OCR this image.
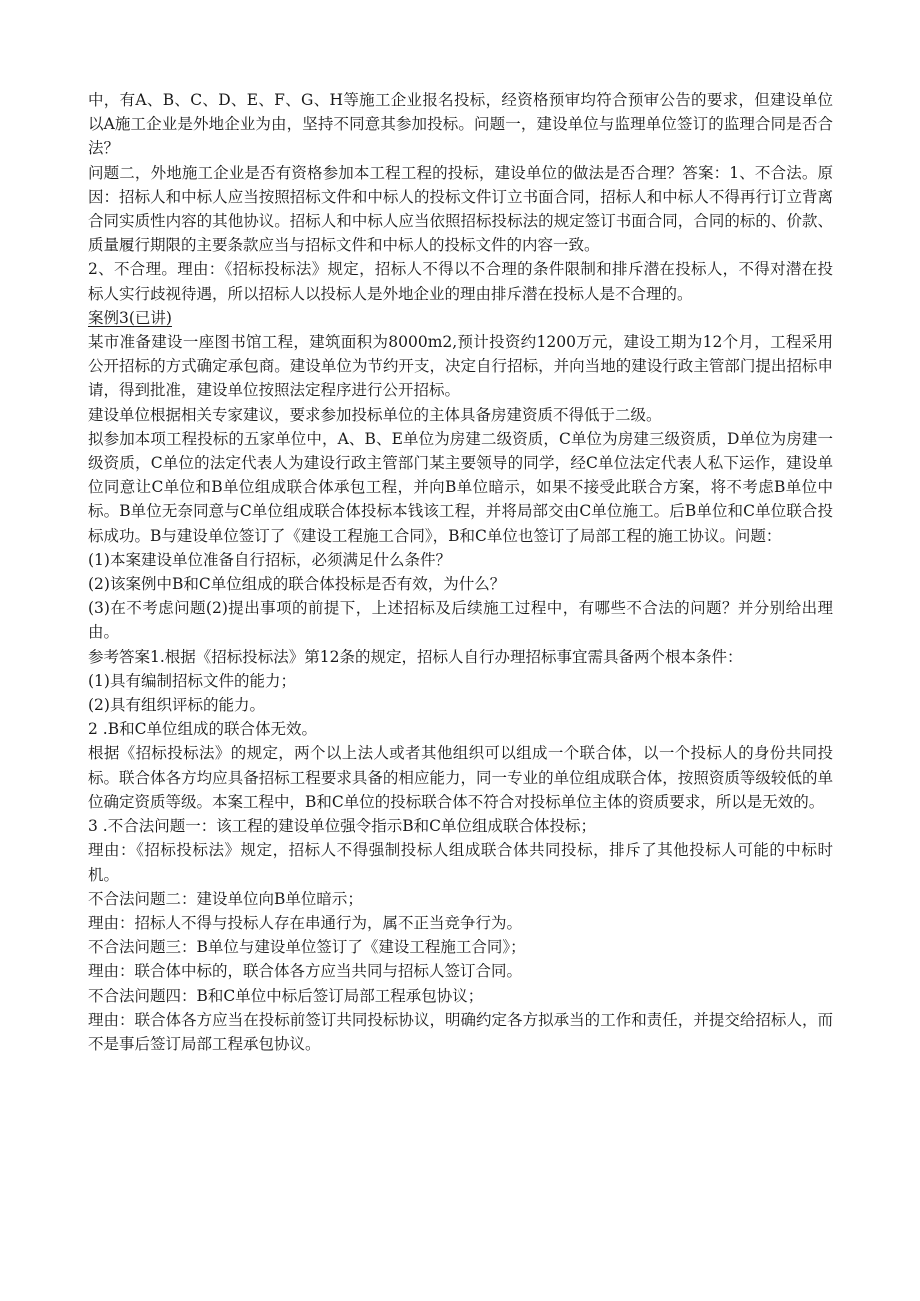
中，有A、B、C、D、E、F、G、H等施工企业报名投标，经资格预审均符合预审公告的要求，但建设单位以A施工企业是外地企业为由，坚持不同意其参加投标。问题一，建设单位与监理单位签订的监理合同是否合法？

问题二，外地施工企业是否有资格参加本工程工程的投标，建设单位的做法是否合理？答案：1、不合法。原因：招标人和中标人应当按照招标文件和中标人的投标文件订立书面合同，招标人和中标人不得再行订立背离合同实质性内容的其他协议。招标人和中标人应当依照招标投标法的规定签订书面合同，合同的标的、价款、质量履行期限的主要条款应当与招标文件和中标人的投标文件的内容一致。

2、不合理。理由：《招标投标法》规定，招标人不得以不合理的条件限制和排斥潜在投标人，不得对潜在投标人实行歧视待遇，所以招标人以投标人是外地企业的理由排斥潜在投标人是不合理的。

案例3(已讲)

某市准备建设一座图书馆工程，建筑面积为8000m2,预计投资约1200万元，建设工期为12个月，工程采用公开招标的方式确定承包商。建设单位为节约开支，决定自行招标，并向当地的建设行政主管部门提出招标申请，得到批准，建设单位按照法定程序进行公开招标。

建设单位根据相关专家建议，要求参加投标单位的主体具备房建资质不得低于二级。

拟参加本项工程投标的五家单位中，A、B、E单位为房建二级资质，C单位为房建三级资质，D单位为房建一级资质，C单位的法定代表人为建设行政主管部门某主要领导的同学，经C单位法定代表人私下运作，建设单位同意让C单位和B单位组成联合体承包工程，并向B单位暗示，如果不接受此联合方案，将不考虑B单位中标。B单位无奈同意与C单位组成联合体投标本钱该工程，并将局部交由C单位施工。后B单位和C单位联合投标成功。B与建设单位签订了《建设工程施工合同》，B和C单位也签订了局部工程的施工协议。问题：

(1)本案建设单位准备自行招标，必须满足什么条件？

(2)该案例中B和C单位组成的联合体投标是否有效，为什么？

(3)在不考虑问题(2)提出事项的前提下，上述招标及后续施工过程中，有哪些不合法的问题？并分别给出理由。

参考答案1.根据《招标投标法》第12条的规定，招标人自行办理招标事宜需具备两个根本条件：

(1)具有编制招标文件的能力；

(2)具有组织评标的能力。

2 .B和C单位组成的联合体无效。

根据《招标投标法》的规定，两个以上法人或者其他组织可以组成一个联合体，以一个投标人的身份共同投标。联合体各方均应具备招标工程要求具备的相应能力，同一专业的单位组成联合体，按照资质等级较低的单位确定资质等级。本案工程中，B和C单位的投标联合体不符合对投标单位主体的资质要求，所以是无效的。

3 .不合法问题一：该工程的建设单位强令指示B和C单位组成联合体投标；

理由：《招标投标法》规定，招标人不得强制投标人组成联合体共同投标，排斥了其他投标人可能的中标时机。

不合法问题二：建设单位向B单位暗示；

理由：招标人不得与投标人存在串通行为，属不正当竞争行为。

不合法问题三：B单位与建设单位签订了《建设工程施工合同》；

理由：联合体中标的，联合体各方应当共同与招标人签订合同。

不合法问题四：B和C单位中标后签订局部工程承包协议；

理由：联合体各方应当在投标前签订共同投标协议，明确约定各方拟承当的工作和责任，并提交给招标人，而不是事后签订局部工程承包协议。
